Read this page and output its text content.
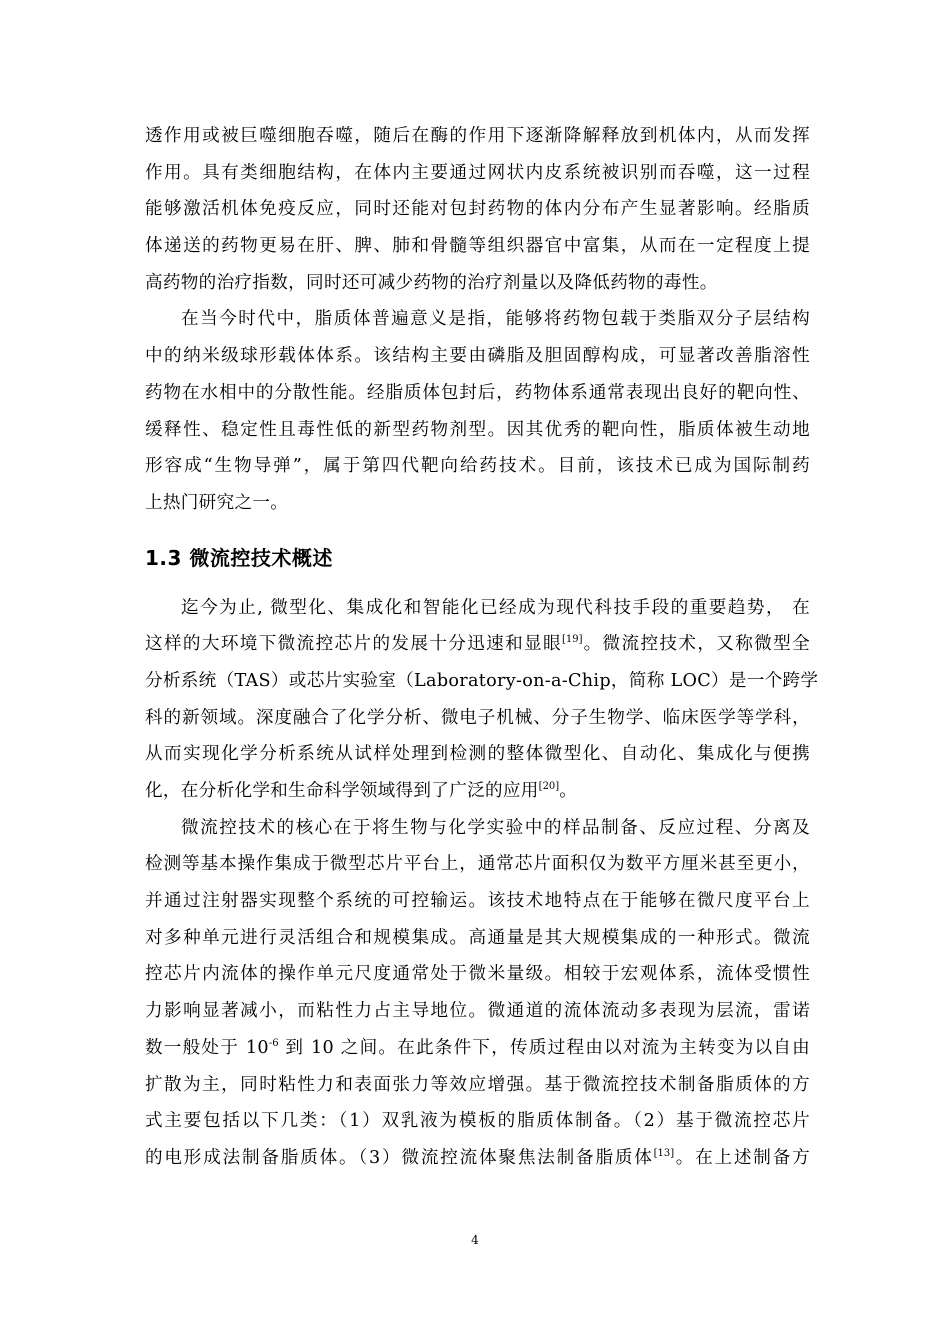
透作用或被巨噬细胞吞噬，随后在酶的作用下逐渐降解释放到机体内，从而发挥
作用。具有类细胞结构，在体内主要通过网状内皮系统被识别而吞噬，这一过程
能够激活机体免疫反应，同时还能对包封药物的体内分布产生显著影响。经脂质
体递送的药物更易在肝、脾、肺和骨髓等组织器官中富集，从而在一定程度上提
高药物的治疗指数，同时还可减少药物的治疗剂量以及降低药物的毒性。
在当今时代中，脂质体普遍意义是指，能够将药物包载于类脂双分子层结构
中的纳米级球形载体体系。该结构主要由磷脂及胆固醇构成，可显著改善脂溶性
药物在水相中的分散性能。经脂质体包封后，药物体系通常表现出良好的靶向性、
缓释性、稳定性且毒性低的新型药物剂型。因其优秀的靶向性，脂质体被生动地
形容成“生物导弹”，属于第四代靶向给药技术。目前，该技术已成为国际制药
上热门研究之一。
1.3 微流控技术概述
迄今为止, 微型化、集成化和智能化已经成为现代科技手段的重要趋势， 在
这样的大环境下微流控芯片的发展十分迅速和显眼[19]。微流控技术，又称微型全
分析系统（TAS）或芯片实验室（Laboratory-on-a-Chip，简称 LOC）是一个跨学
科的新领域。深度融合了化学分析、微电子机械、分子生物学、临床医学等学科，
从而实现化学分析系统从试样处理到检测的整体微型化、自动化、集成化与便携
化，在分析化学和生命科学领域得到了广泛的应用[20]。
微流控技术的核心在于将生物与化学实验中的样品制备、反应过程、分离及
检测等基本操作集成于微型芯片平台上，通常芯片面积仅为数平方厘米甚至更小，
并通过注射器实现整个系统的可控输运。该技术地特点在于能够在微尺度平台上
对多种单元进行灵活组合和规模集成。高通量是其大规模集成的一种形式。微流
控芯片内流体的操作单元尺度通常处于微米量级。相较于宏观体系，流体受惯性
力影响显著减小，而粘性力占主导地位。微通道的流体流动多表现为层流，雷诺
数一般处于 $10^{-6}$ 到 10 之间。在此条件下，传质过程由以对流为主转变为以自由
扩散为主，同时粘性力和表面张力等效应增强。基于微流控技术制备脂质体的方
式主要包括以下几类：（1）双乳液为模板的脂质体制备。（2）基于微流控芯片
的电形成法制备脂质体。（3）微流控流体聚焦法制备脂质体[13]。在上述制备方
4
